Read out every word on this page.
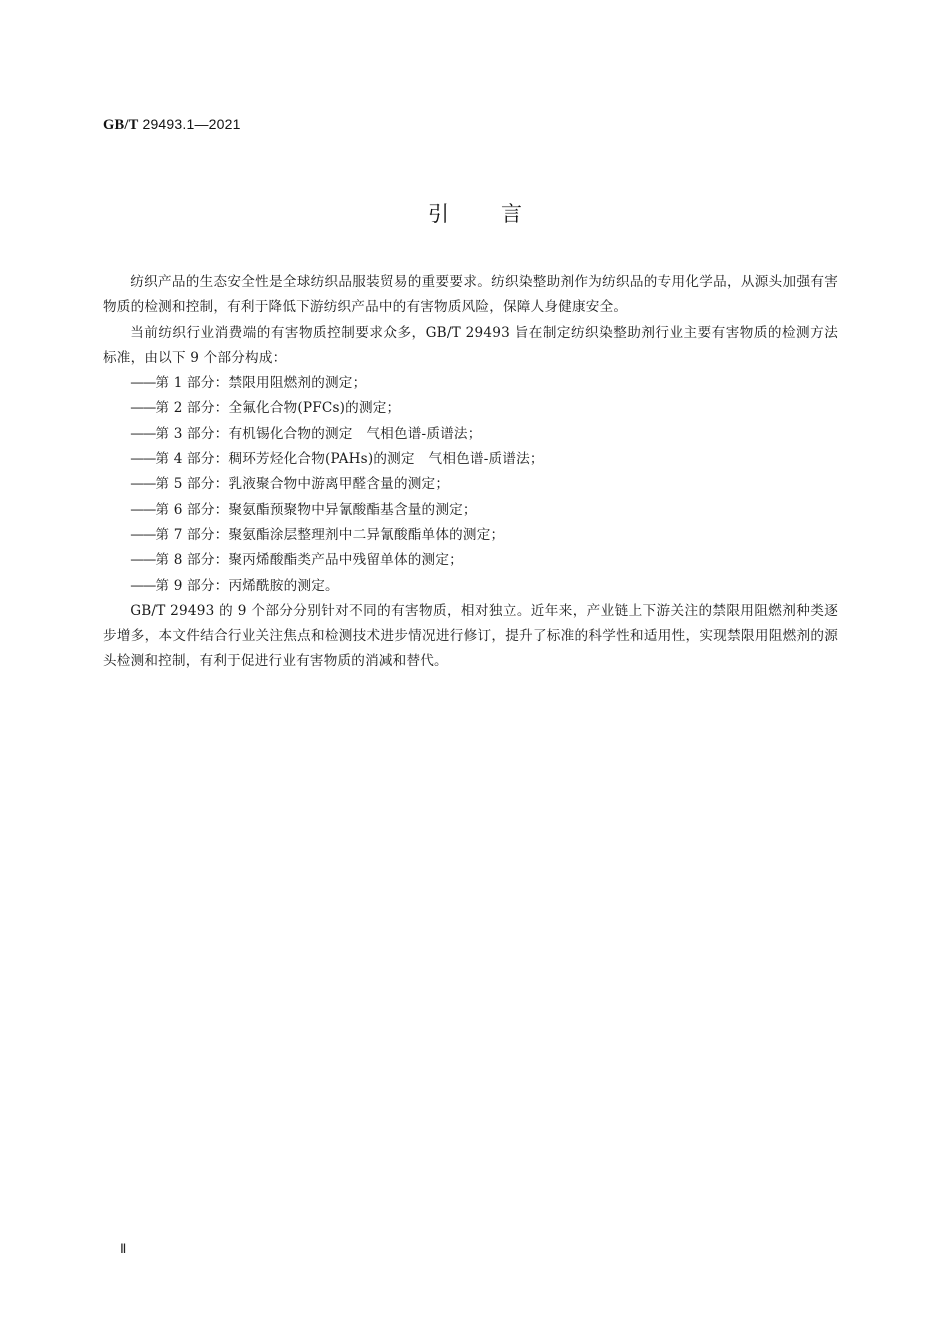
GB/T 29493.1—2021
引 言

纺织产品的生态安全性是全球纺织品服装贸易的重要要求。纺织染整助剂作为纺织品的专用化学品，从源头加强有害物质的检测和控制，有利于降低下游纺织产品中的有害物质风险，保障人身健康安全。

当前纺织行业消费端的有害物质控制要求众多，GB/T 29493 旨在制定纺织染整助剂行业主要有害物质的检测方法标准，由以下 9 个部分构成：

——第 1 部分：禁限用阻燃剂的测定；
——第 2 部分：全氟化合物(PFCs)的测定；
——第 3 部分：有机锡化合物的测定　气相色谱-质谱法；
——第 4 部分：稠环芳烃化合物(PAHs)的测定　气相色谱-质谱法；
——第 5 部分：乳液聚合物中游离甲醛含量的测定；
——第 6 部分：聚氨酯预聚物中异氰酸酯基含量的测定；
——第 7 部分：聚氨酯涂层整理剂中二异氰酸酯单体的测定；
——第 8 部分：聚丙烯酸酯类产品中残留单体的测定；
——第 9 部分：丙烯酰胺的测定。

GB/T 29493 的 9 个部分分别针对不同的有害物质，相对独立。近年来，产业链上下游关注的禁限用阻燃剂种类逐步增多，本文件结合行业关注焦点和检测技术进步情况进行修订，提升了标准的科学性和适用性，实现禁限用阻燃剂的源头检测和控制，有利于促进行业有害物质的消减和替代。

Ⅱ
